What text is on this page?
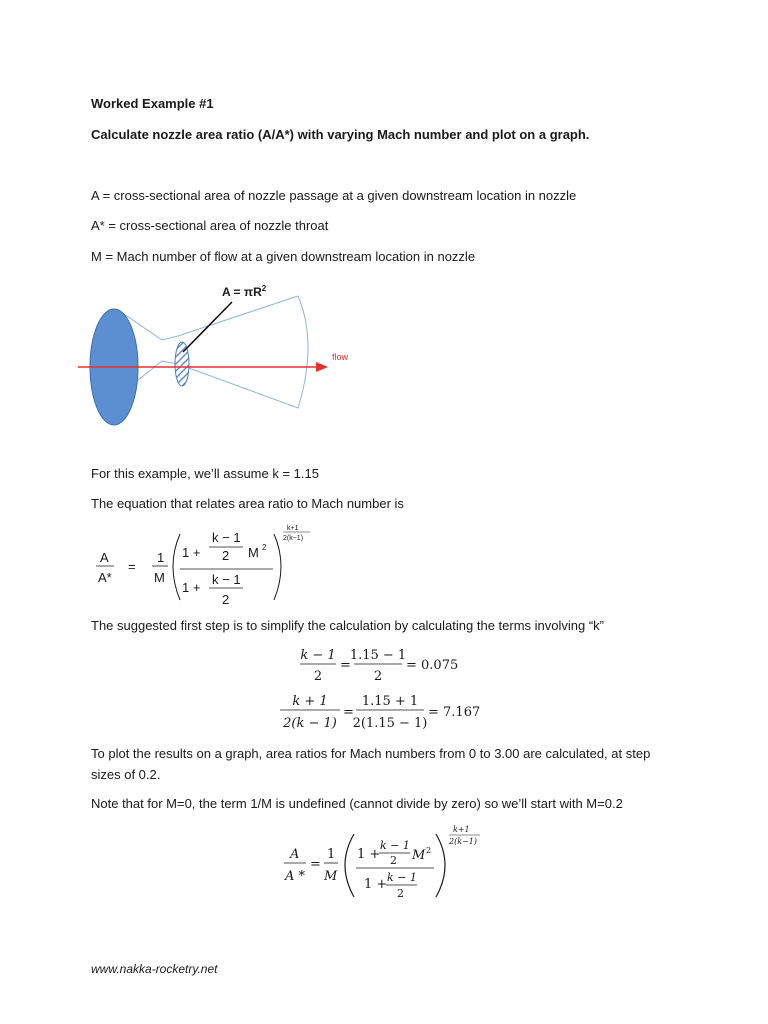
Worked Example #1
Calculate nozzle area ratio (A/A*) with varying Mach number and plot on a graph.
A = cross-sectional area of nozzle passage at a given downstream location in nozzle
A* = cross-sectional area of nozzle throat
M = Mach number of flow at a given downstream location in nozzle
$A = \pi R^2$
flow
For this example, we’ll assume k = 1.15
The equation that relates area ratio to Mach number is
A
A*
=
1
M
1 +
k − 1
2 M 2
1 +
k − 1
2
k+1
2(k−1)
The suggested first step is to simplify the calculation by calculating the terms involving “k”
k − 1
2
=
1.15 − 1
2
= 0.075
k + 1
2(k − 1)
=
1.15 + 1
2(1.15 − 1)
= 7.167
To plot the results on a graph, area ratios for Mach numbers from 0 to 3.00 are calculated, at step sizes of 0.2.
Note that for M=0, the term 1/M is undefined (cannot divide by zero) so we’ll start with M=0.2
A
A *
=
1
M
1 +
k − 1
2 M 2
1 + k − 1
2
k+1
2(k−1)
www.nakka-rocketry.net
